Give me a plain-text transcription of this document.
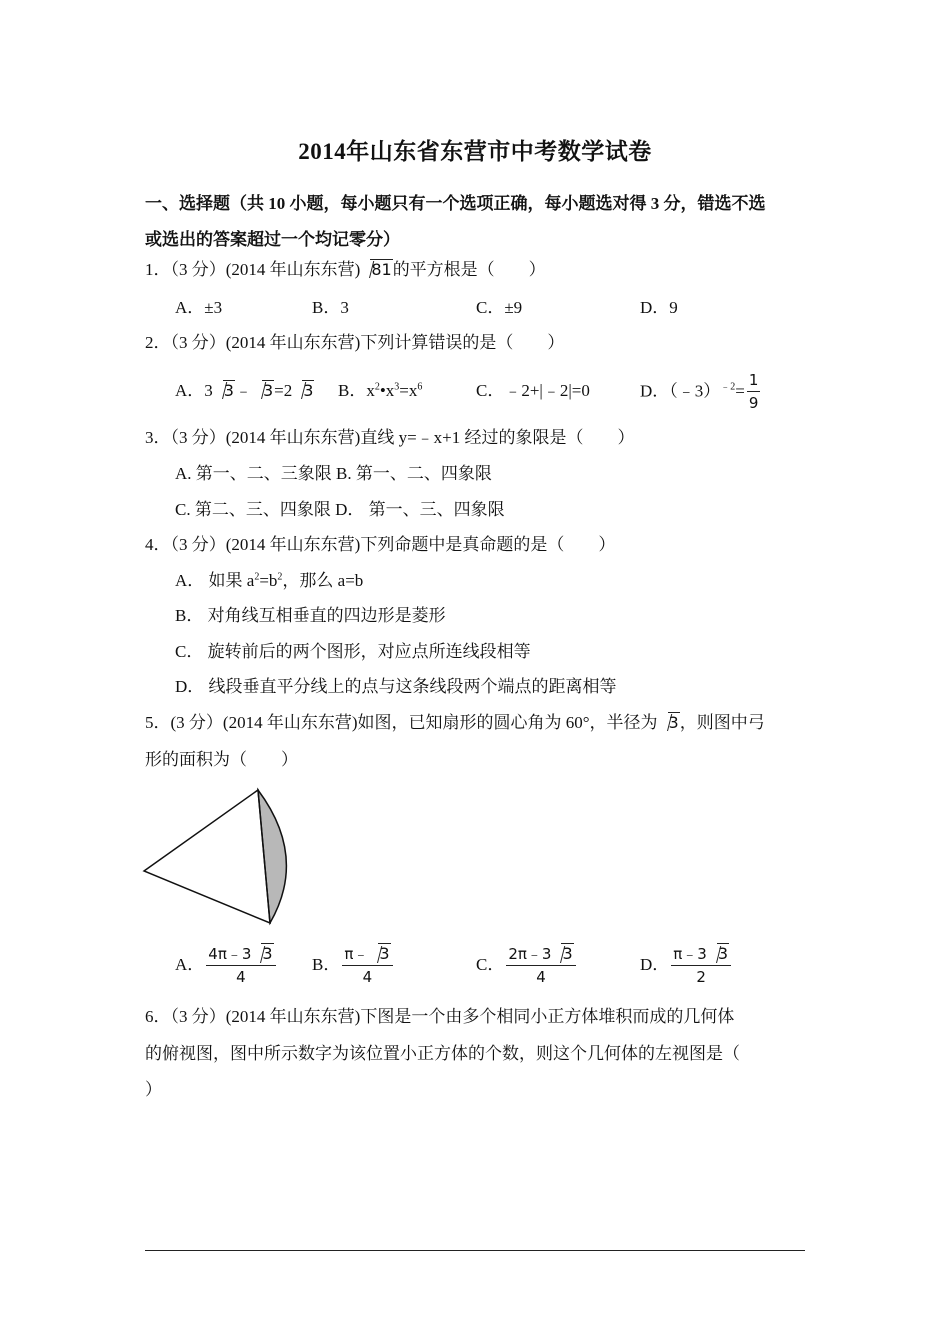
2014年山东省东营市中考数学试卷
一、选择题（共 10 小题，每小题只有一个选项正确，每小题选对得 3 分，错选不选
或选出的答案超过一个均记零分）
1．（3 分）(2014 年山东东营) 81的平方根是（　　）
A．±3	B．3	C．±9	D．9
2．（3 分）(2014 年山东东营)下列计算错误的是（　　）
A．3 3﹣ 3=2 3 B．$x^2•x^3=x^6$	C．﹣2+|﹣2|=0	D．（﹣3）$^{﹣2}$= $\frac{1}{9}$
3．（3 分）(2014 年山东东营)直线 y=﹣x+1 经过的象限是（　　）
A. 第一、二、三象限 B. 第一、二、四象限
C. 第二、三、四象限 D． 第一、三、四象限
4．（3 分）(2014 年山东东营)下列命题中是真命题的是（　　）
A． 如果 $a^2=b^2$，那么 a=b
B． 对角线互相垂直的四边形是菱形
C． 旋转前后的两个图形，对应点所连线段相等
D． 线段垂直平分线上的点与这条线段两个端点的距离相等
5．(3 分）(2014 年山东东营)如图，已知扇形的圆心角为 60°，半径为 3，则图中弓
形的面积为（　　）
A． $\frac{4\pi﹣3 3}{4}$ B． $\frac{\pi﹣ 3}{4}$	C． $\frac{2\pi﹣3 3}{4}$	D． $\frac{\pi﹣3 3}{2}$
6．（3 分）(2014 年山东东营)下图是一个由多个相同小正方体堆积而成的几何体
的俯视图，图中所示数字为该位置小正方体的个数，则这个几何体的左视图是（
）
